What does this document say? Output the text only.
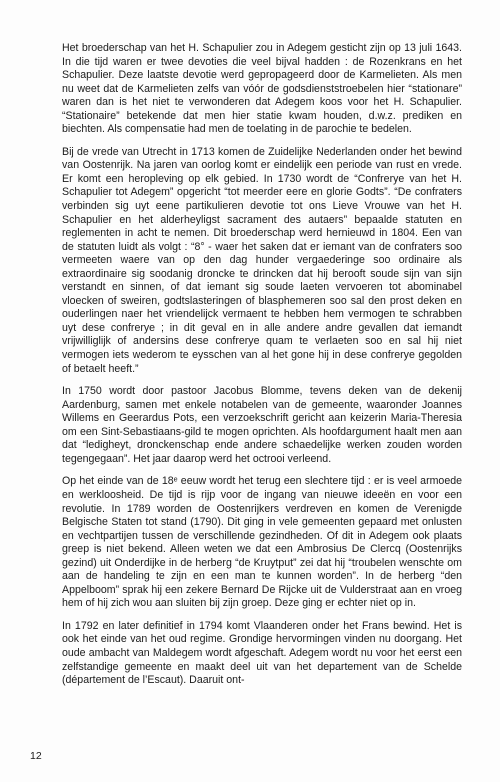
Het broederschap van het H. Schapulier zou in Adegem gesticht zijn op 13 juli 1643. In die tijd waren er twee devoties die veel bijval hadden : de Rozenkrans en het Schapulier. Deze laatste devotie werd gepropageerd door de Karmelieten. Als men nu weet dat de Karmelieten zelfs van vóór de godsdienststroebelen hier “stationare” waren dan is het niet te verwonderen dat Adegem koos voor het H. Schapulier. “Stationaire” betekende dat men hier statie kwam houden, d.w.z. prediken en biechten. Als compensatie had men de toelating in de parochie te bedelen.

Bij de vrede van Utrecht in 1713 komen de Zuidelijke Nederlanden onder het bewind van Oostenrijk. Na jaren van oorlog komt er eindelijk een periode van rust en vrede. Er komt een heropleving op elk gebied. In 1730 wordt de “Confrerye van het H. Schapulier tot Adegem” opgericht “tot meerder eere en glorie Godts”. “De confraters verbinden sig uyt eene partikulieren devotie tot ons Lieve Vrouwe van het H. Schapulier en het alderheyligst sacrament des autaers” bepaalde statuten en reglementen in acht te nemen. Dit broederschap werd hernieuwd in 1804. Een van de statuten luidt als volgt : “8° - waer het saken dat er iemant van de confraters soo vermeeten waere van op den dag hunder vergaederinge soo ordinaire als extraordinaire sig soodanig droncke te drincken dat hij berooft soude sijn van sijn verstandt en sinnen, of dat iemant sig soude laeten vervoeren tot abominabel vloecken of sweiren, godtslasteringen of blasphemeren soo sal den prost deken en ouderlingen naer het vriendelijck vermaent te hebben hem vermogen te schrabben uyt dese confrerye ; in dit geval en in alle andere andre gevallen dat iemandt vrijwilliglijk of andersins dese confrerye quam te verlaeten soo en sal hij niet vermogen iets wederom te eysschen van al het gone hij in dese confrerye gegolden of betaelt heeft.”

In 1750 wordt door pastoor Jacobus Blomme, tevens deken van de dekenij Aardenburg, samen met enkele notabelen van de gemeente, waaronder Joannes Willems en Geerardus Pots, een verzoekschrift gericht aan keizerin Maria-Theresia om een Sint-Sebastiaans-gild te mogen oprichten. Als hoofdargument haalt men aan dat “ledigheyt, dronckenschap ende andere schaedelijke werken zouden worden tegengegaan”. Het jaar daarop werd het octrooi verleend.

Op het einde van de 18ᵉ eeuw wordt het terug een slechtere tijd : er is veel armoede en werkloosheid. De tijd is rijp voor de ingang van nieuwe ideeën en voor een revolutie. In 1789 worden de Oostenrijkers verdreven en komen de Verenigde Belgische Staten tot stand (1790). Dit ging in vele gemeenten gepaard met onlusten en vechtpartijen tussen de verschillende gezindheden. Of dit in Adegem ook plaats greep is niet bekend. Alleen weten we dat een Ambrosius De Clercq (Oostenrijks gezind) uit Onderdijke in de herberg “de Kruytput” zei dat hij “troubelen wenschte om aan de handeling te zijn en een man te kunnen worden”. In de herberg “den Appelboom” sprak hij een zekere Bernard De Rijcke uit de Vulderstraat aan en vroeg hem of hij zich wou aan sluiten bij zijn groep. Deze ging er echter niet op in.

In 1792 en later definitief in 1794 komt Vlaanderen onder het Frans bewind. Het is ook het einde van het oud regime. Grondige hervormingen vinden nu doorgang. Het oude ambacht van Maldegem wordt afgeschaft. Adegem wordt nu voor het eerst een zelfstandige gemeente en maakt deel uit van het departement van de Schelde (département de l’Escaut). Daaruit ont-

12
